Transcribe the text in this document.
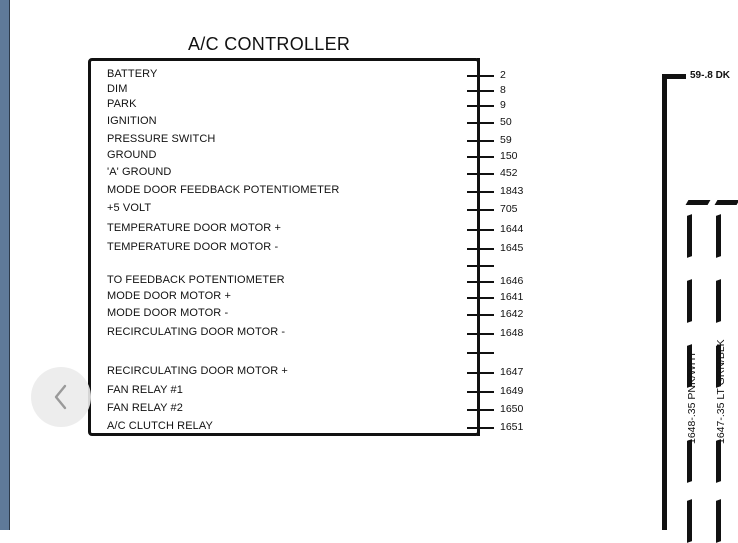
A/C CONTROLLER
BATTERY	2
DIM	8
PARK	9
IGNITION	50
PRESSURE SWITCH	59
GROUND	150
'A' GROUND	452
MODE DOOR FEEDBACK POTENTIOMETER	1843
+5 VOLT	705
TEMPERATURE DOOR MOTOR +	1644
TEMPERATURE DOOR MOTOR -	1645
TO FEEDBACK POTENTIOMETER	1646
MODE DOOR MOTOR +	1641
MODE DOOR MOTOR -	1642
RECIRCULATING DOOR MOTOR -	1648
RECIRCULATING DOOR MOTOR +	1647
FAN RELAY #1	1649
FAN RELAY #2	1650
A/C CLUTCH RELAY	1651
59-.8 DK
1648-.35 PNK/WHT 1647-.35 LT GRN/BLK
